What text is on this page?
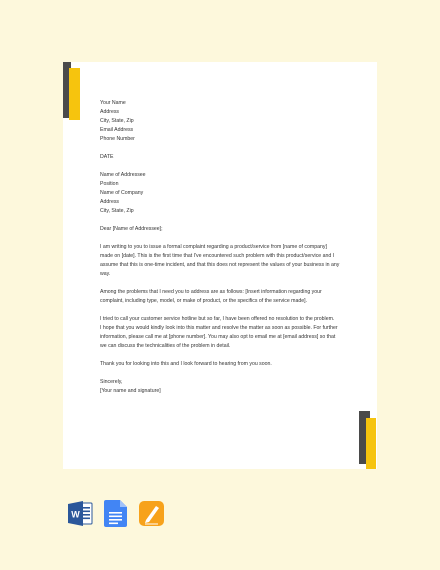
Your Name
Address
City, State, Zip
Email Address
Phone Number
DATE
Name of Addressee
Position
Name of Company
Address
City, State, Zip
Dear [Name of Addressee];

I am writing to you to issue a formal complaint regarding a product/service from [name of company]
made on [date]. This is the first time that I've encountered such problem with this product/service and I
assume that this is one-time incident, and that this does not represent the values of your business in any
way.

Among the problems that I need you to address are as follows: [Insert information regarding your
complaint, including type, model, or make of product, or the specifics of the service made].

I tried to call your customer service hotline but so far, I have been offered no resolution to the problem.
I hope that you would kindly look into this matter and resolve the matter as soon as possible. For further
information, please call me at [phone number]. You may also opt to email me at [email address] so that
we can discuss the technicalities of the problem in detail.

Thank you for looking into this and I look forward to hearing from you soon.

Sincerely,
[Your name and signature]
W
